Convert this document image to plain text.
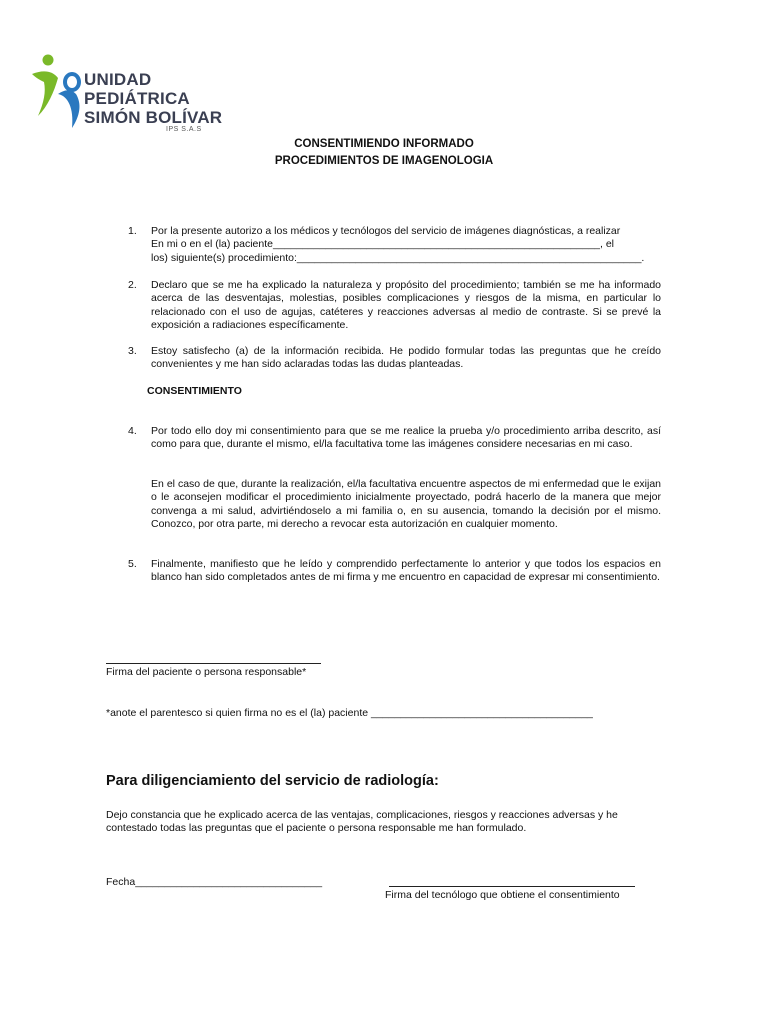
UNIDAD
PEDIÁTRICA
SIMÓN BOLÍVAR
IPS S.A.S
CONSENTIMIENDO INFORMADO
PROCEDIMIENTOS DE IMAGENOLOGIA
1. Por la presente autorizo a los médicos y tecnólogos del servicio de imágenes diagnósticas, a realizar
En mi o en el (la) paciente________________________________________________________, el
los) siguiente(s) procedimiento:___________________________________________________________.
2. Declaro que se me ha explicado la naturaleza y propósito del procedimiento; también se me ha informado acerca de las desventajas, molestias, posibles complicaciones y riesgos de la misma, en particular lo relacionado con el uso de agujas, catéteres y reacciones adversas al medio de contraste. Si se prevé la exposición a radiaciones específicamente.
3. Estoy satisfecho (a) de la información recibida. He podido formular todas las preguntas que he creído convenientes y me han sido aclaradas todas las dudas planteadas.
CONSENTIMIENTO
4. Por todo ello doy mi consentimiento para que se me realice la prueba y/o procedimiento arriba descrito, así como para que, durante el mismo, el/la facultativa tome las imágenes considere necesarias en mi caso.
En el caso de que, durante la realización, el/la facultativa encuentre aspectos de mi enfermedad que le exijan o le aconsejen modificar el procedimiento inicialmente proyectado, podrá hacerlo de la manera que mejor convenga a mi salud, advirtiéndoselo a mi familia o, en su ausencia, tomando la decisión por el mismo. Conozco, por otra parte, mi derecho a revocar esta autorización en cualquier momento.
5. Finalmente, manifiesto que he leído y comprendido perfectamente lo anterior y que todos los espacios en blanco han sido completados antes de mi firma y me encuentro en capacidad de expresar mi consentimiento.
Firma del paciente o persona responsable*
*anote el parentesco si quien firma no es el (la) paciente ______________________________________
Para diligenciamiento del servicio de radiología:
Dejo constancia que he explicado acerca de las ventajas, complicaciones, riesgos y reacciones adversas y he contestado todas las preguntas que el paciente o persona responsable me han formulado.
Fecha________________________________
Firma del tecnólogo que obtiene el consentimiento
